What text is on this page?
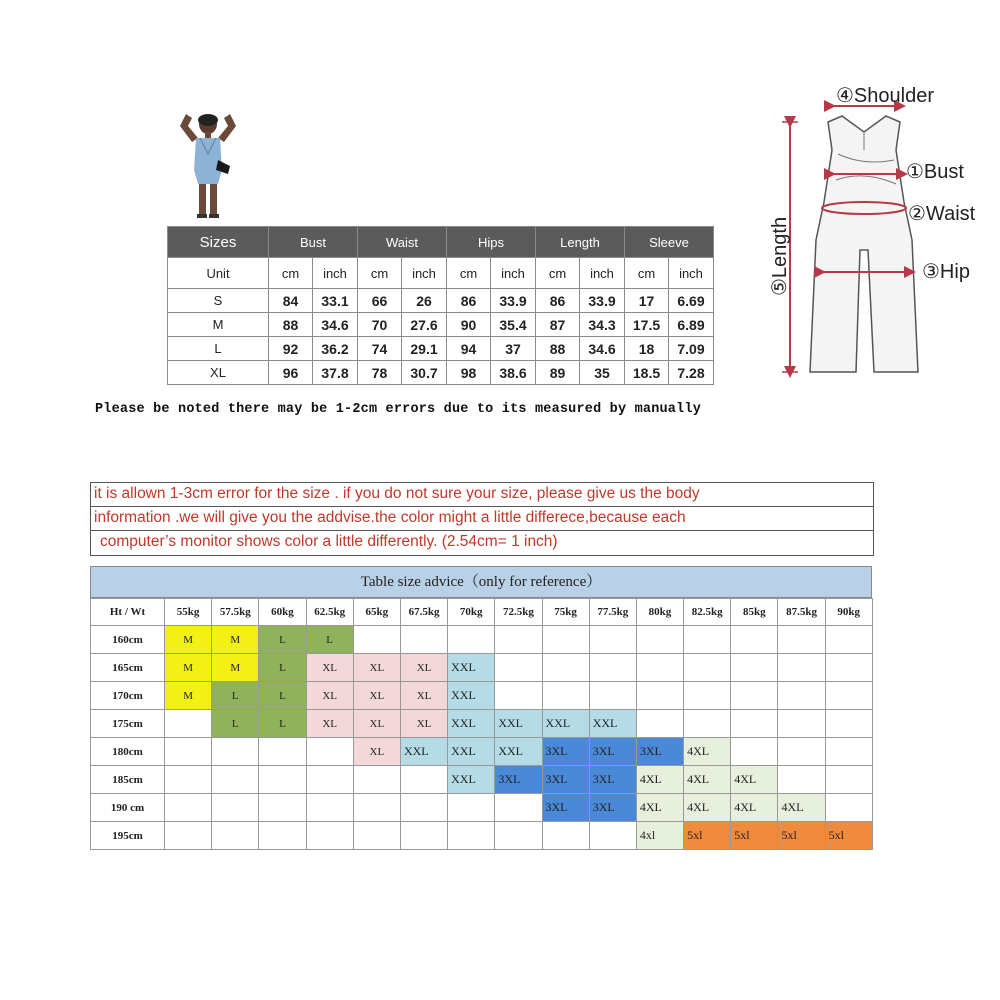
Sizes	Bust		Waist		Hips		Length		Sleeve	
Unit	cm	inch	cm	inch	cm	inch	cm	inch	cm	inch
S	84	33.1	66	26	86	33.9	86	33.9	17	6.69
M	88	34.6	70	27.6	90	35.4	87	34.3	17.5	6.89
L	92	36.2	74	29.1	94	37	88	34.6	18	7.09
XL	96	37.8	78	30.7	98	38.6	89	35	18.5	7.28
Please be noted there may be 1-2cm errors due to its measured by manually
④Shoulder
①Bust
②Waist
③Hip
⑤Length
it is allown 1-3cm error for the size . if you do not sure your size, please give us the body
information .we will give you the addvise.the color might a little differece,because each
computer’s monitor shows color a little differently. (2.54cm= 1 inch)
Table size advice（only for reference）
Ht / Wt	55kg	57.5kg	60kg	62.5kg	65kg	67.5kg	70kg	72.5kg	75kg	77.5kg	80kg	82.5kg	85kg	87.5kg	90kg
160cm	M	M	L	L											
165cm	M	M	L	XL	XL	XL	XXL								
170cm	M	L	L	XL	XL	XL	XXL								
175cm		L	L	XL	XL	XL	XXL	XXL	XXL	XXL					
180cm					XL	XXL	XXL	XXL	3XL	3XL	3XL	4XL			
185cm							XXL	3XL	3XL	3XL	4XL	4XL	4XL		
190 cm									3XL	3XL	4XL	4XL	4XL	4XL	
195cm											4xl	5xl	5xl	5xl	5xl
